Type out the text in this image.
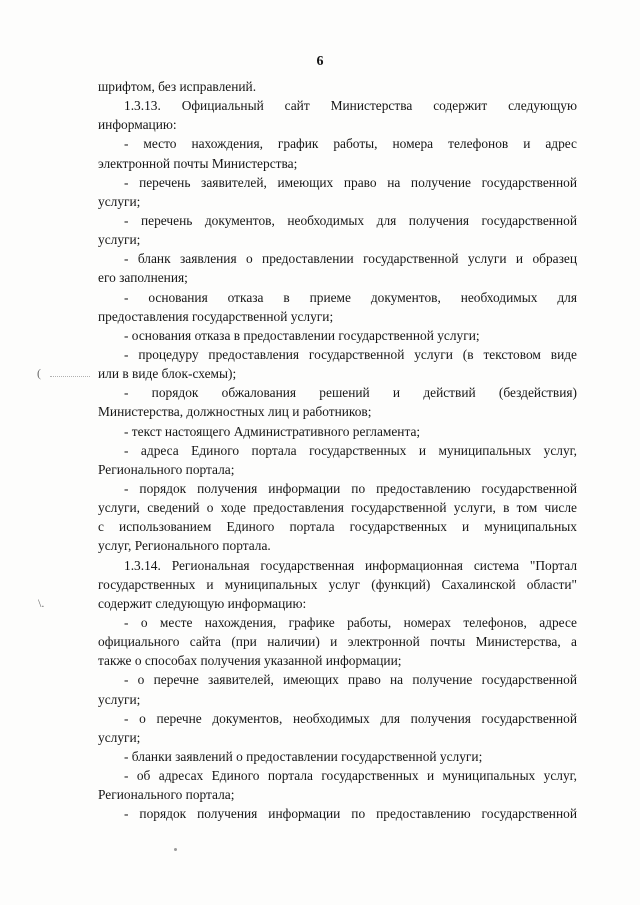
6
(
\.
шрифтом, без исправлений.
1.3.13. Официальный сайт Министерства содержит следующую
информацию:
- место нахождения, график работы, номера телефонов и адрес
электронной почты Министерства;
- перечень заявителей, имеющих право на получение государственной
услуги;
- перечень документов, необходимых для получения государственной
услуги;
- бланк заявления о предоставлении государственной услуги и образец
его заполнения;
- основания отказа в приеме документов, необходимых для
предоставления государственной услуги;
- основания отказа в предоставлении государственной услуги;
- процедуру предоставления государственной услуги (в текстовом виде
или в виде блок-схемы);
- порядок обжалования решений и действий (бездействия)
Министерства, должностных лиц и работников;
- текст настоящего Административного регламента;
- адреса Единого портала государственных и муниципальных услуг,
Регионального портала;
- порядок получения информации по предоставлению государственной
услуги, сведений о ходе предоставления государственной услуги, в том числе
с использованием Единого портала государственных и муниципальных
услуг, Регионального портала.
1.3.14. Региональная государственная информационная система "Портал
государственных и муниципальных услуг (функций) Сахалинской области"
содержит следующую информацию:
- о месте нахождения, графике работы, номерах телефонов, адресе
официального сайта (при наличии) и электронной почты Министерства, а
также о способах получения указанной информации;
- о перечне заявителей, имеющих право на получение государственной
услуги;
- о перечне документов, необходимых для получения государственной
услуги;
- бланки заявлений о предоставлении государственной услуги;
- об адресах Единого портала государственных и муниципальных услуг,
Регионального портала;
- порядок получения информации по предоставлению государственной
